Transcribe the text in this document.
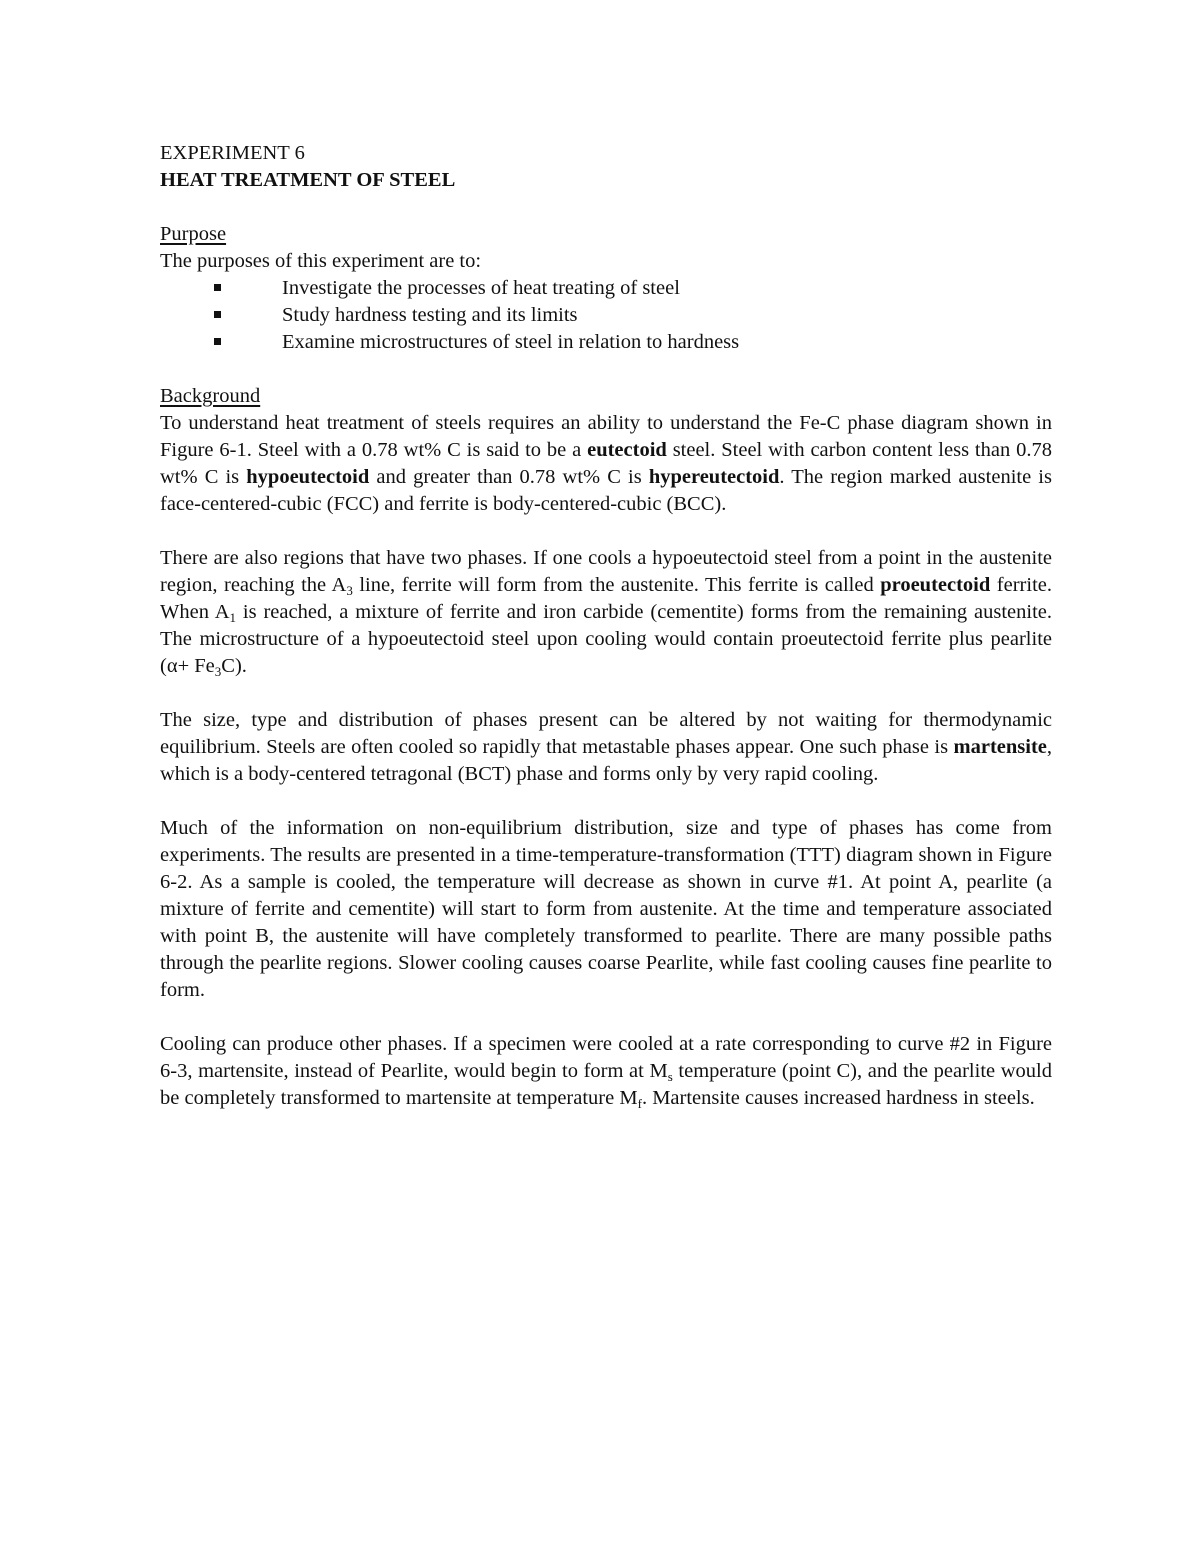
EXPERIMENT 6
HEAT TREATMENT OF STEEL
Purpose
The purposes of this experiment are to:
Investigate the processes of heat treating of steel
Study hardness testing and its limits
Examine microstructures of steel in relation to hardness
Background

To understand heat treatment of steels requires an ability to understand the Fe-C phase diagram shown in Figure 6-1. Steel with a 0.78 wt% C is said to be a eutectoid steel. Steel with carbon content less than 0.78 wt% C is hypoeutectoid and greater than 0.78 wt% C is hypereutectoid. The region marked austenite is face-centered-cubic (FCC) and ferrite is body-centered-cubic (BCC).

There are also regions that have two phases. If one cools a hypoeutectoid steel from a point in the austenite region, reaching the $A_3$ line, ferrite will form from the austenite. This ferrite is called proeutectoid ferrite. When $A_1$ is reached, a mixture of ferrite and iron carbide (cementite) forms from the remaining austenite. The microstructure of a hypoeutectoid steel upon cooling would contain proeutectoid ferrite plus pearlite $(\alpha+ Fe_3C)$.

The size, type and distribution of phases present can be altered by not waiting for thermodynamic equilibrium. Steels are often cooled so rapidly that metastable phases appear. One such phase is martensite, which is a body-centered tetragonal (BCT) phase and forms only by very rapid cooling.

Much of the information on non-equilibrium distribution, size and type of phases has come from experiments. The results are presented in a time-temperature-transformation (TTT) diagram shown in Figure 6-2. As a sample is cooled, the temperature will decrease as shown in curve #1. At point A, pearlite (a mixture of ferrite and cementite) will start to form from austenite. At the time and temperature associated with point B, the austenite will have completely transformed to pearlite. There are many possible paths through the pearlite regions. Slower cooling causes coarse Pearlite, while fast cooling causes fine pearlite to form.

Cooling can produce other phases. If a specimen were cooled at a rate corresponding to curve #2 in Figure 6-3, martensite, instead of Pearlite, would begin to form at $M_s$ temperature (point C), and the pearlite would be completely transformed to martensite at temperature $M_f$. Martensite causes increased hardness in steels.
